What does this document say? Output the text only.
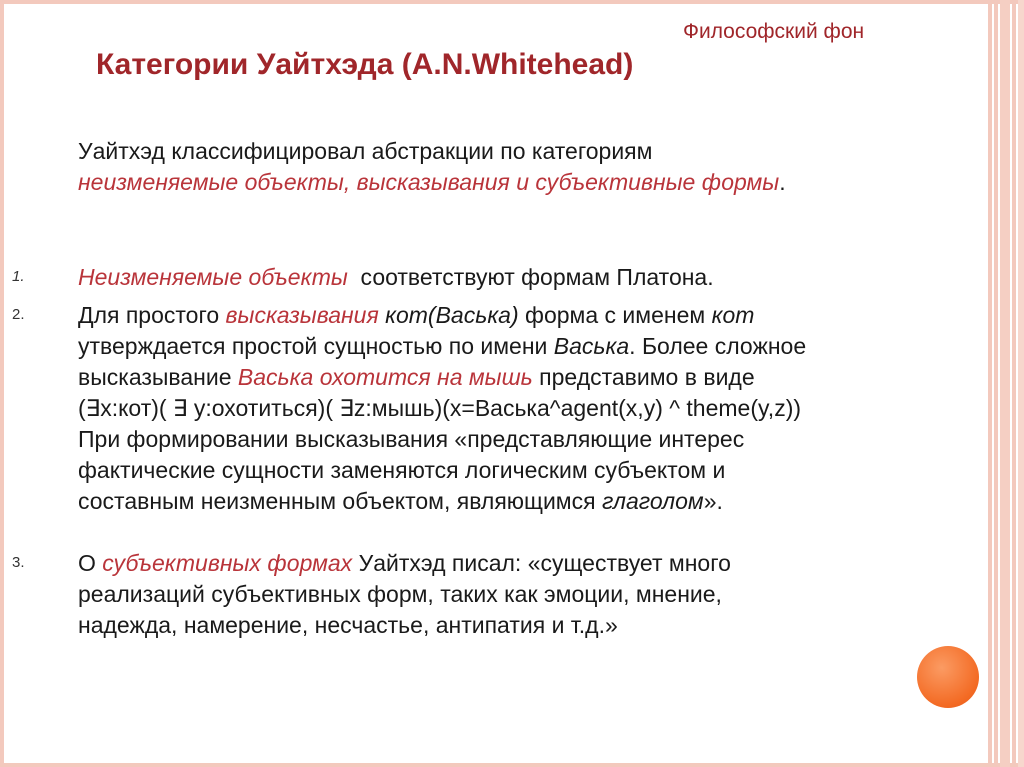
Философский фон
Категории Уайтхэда (A.N.Whitehead)
Уайтхэд классифицировал абстракции по категориям
неизменяемые объекты, высказывания и субъективные формы.
1. Неизменяемые объекты  соответствуют формам Платона.
2. Для простого высказывания кот(Васька) форма с именем кот
утверждается простой сущностью по имени Васька. Более сложное
высказывание Васька охотится на мышь представимо в виде
(∃x:кот)( ∃ y:охотиться)( ∃z:мышь)(x=Васька^agent(x,y) ^ theme(y,z))
При формировании высказывания «представляющие интерес
фактические сущности заменяются логическим субъектом и
составным неизменным объектом, являющимся глаголом».
3. О субъективных формах Уайтхэд писал: «существует много
реализаций субъективных форм, таких как эмоции, мнение,
надежда, намерение, несчастье, антипатия и т.д.»
